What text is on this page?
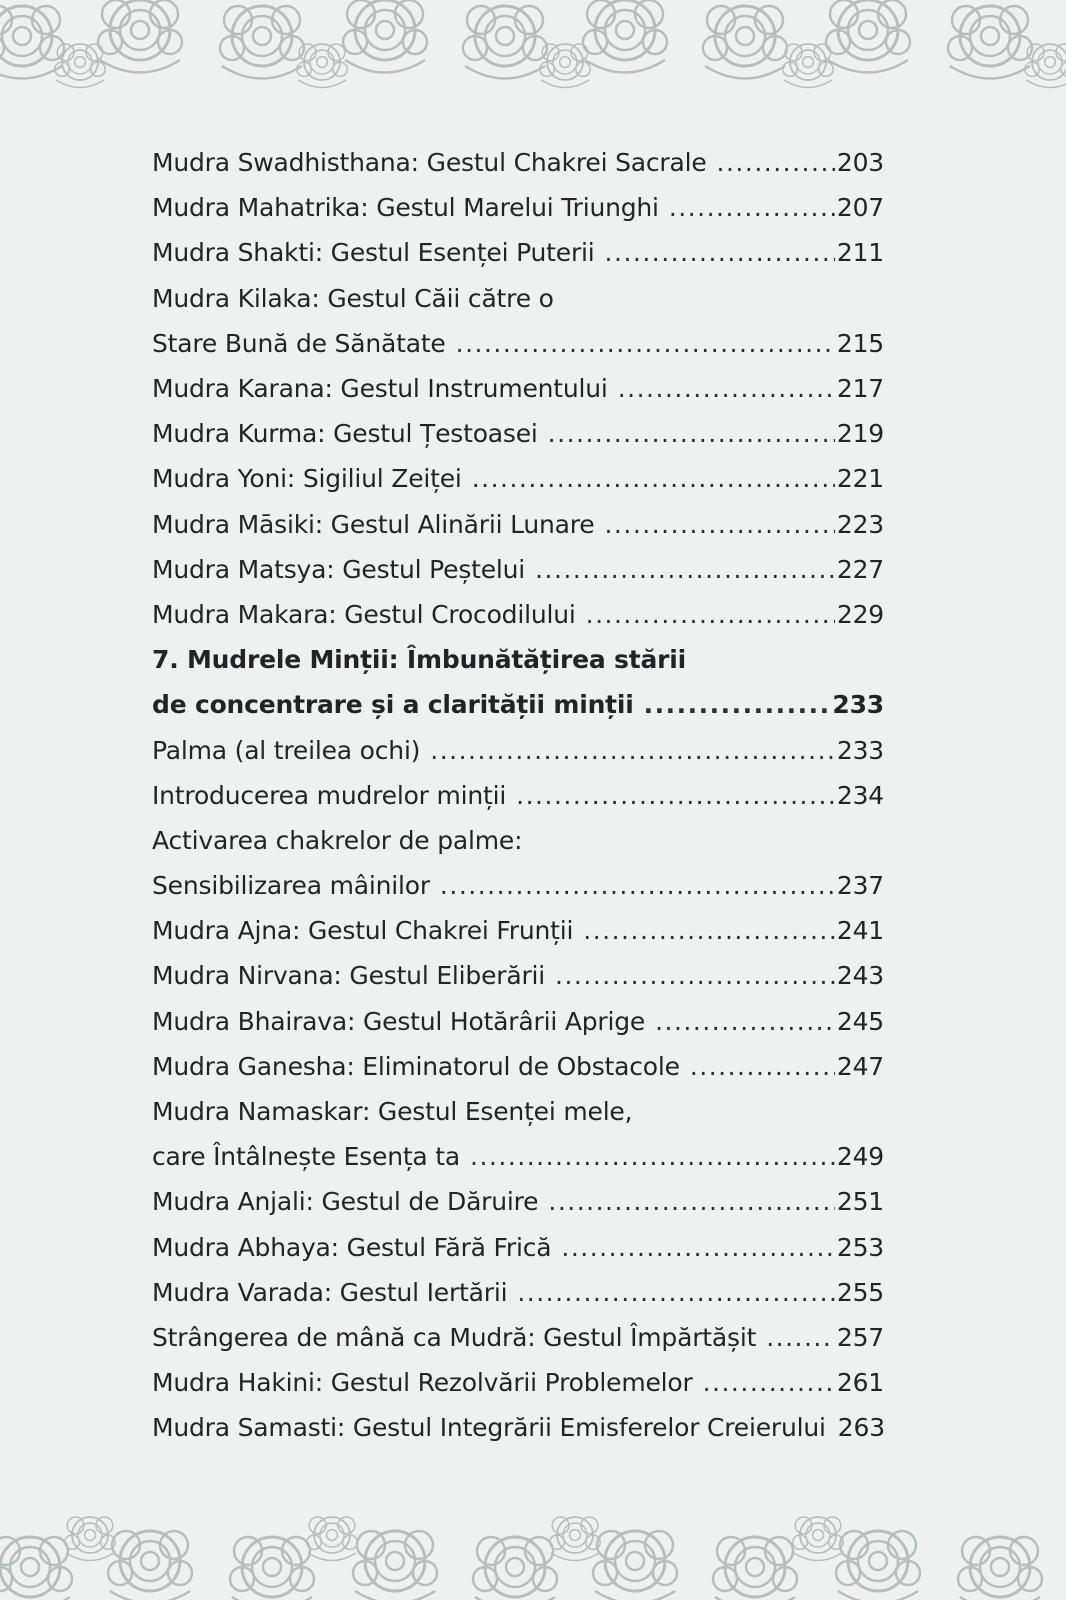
Mudra Swadhisthana: Gestul Chakrei Sacrale .....	203
Mudra Mahatrika: Gestul Marelui Triunghi .....	207
Mudra Shakti: Gestul Esenței Puterii .....	211
Mudra Kilaka: Gestul Căii către o
Stare Bună de Sănătate .....	215
Mudra Karana: Gestul Instrumentului .....	217
Mudra Kurma: Gestul Țestoasei .....	219
Mudra Yoni: Sigiliul Zeiței .....	221
Mudra Māsiki: Gestul Alinării Lunare .....	223
Mudra Matsya: Gestul Peștelui .....	227
Mudra Makara: Gestul Crocodilului .....	229
7. Mudrele Minții: Îmbunătățirea stării
de concentrare și a clarității minții .....	233
Palma (al treilea ochi) .....	233
Introducerea mudrelor minții .....	234
Activarea chakrelor de palme:
Sensibilizarea mâinilor .....	237
Mudra Ajna: Gestul Chakrei Frunții .....	241
Mudra Nirvana: Gestul Eliberării .....	243
Mudra Bhairava: Gestul Hotărârii Aprige .....	245
Mudra Ganesha: Eliminatorul de Obstacole .....	247
Mudra Namaskar: Gestul Esenței mele,
care Întâlnește Esența ta .....	249
Mudra Anjali: Gestul de Dăruire .....	251
Mudra Abhaya: Gestul Fără Frică .....	253
Mudra Varada: Gestul Iertării .....	255
Strângerea de mână ca Mudră: Gestul Împărtășit .....	257
Mudra Hakini: Gestul Rezolvării Problemelor .....	261
Mudra Samasti: Gestul Integrării Emisferelor Creierului 263
